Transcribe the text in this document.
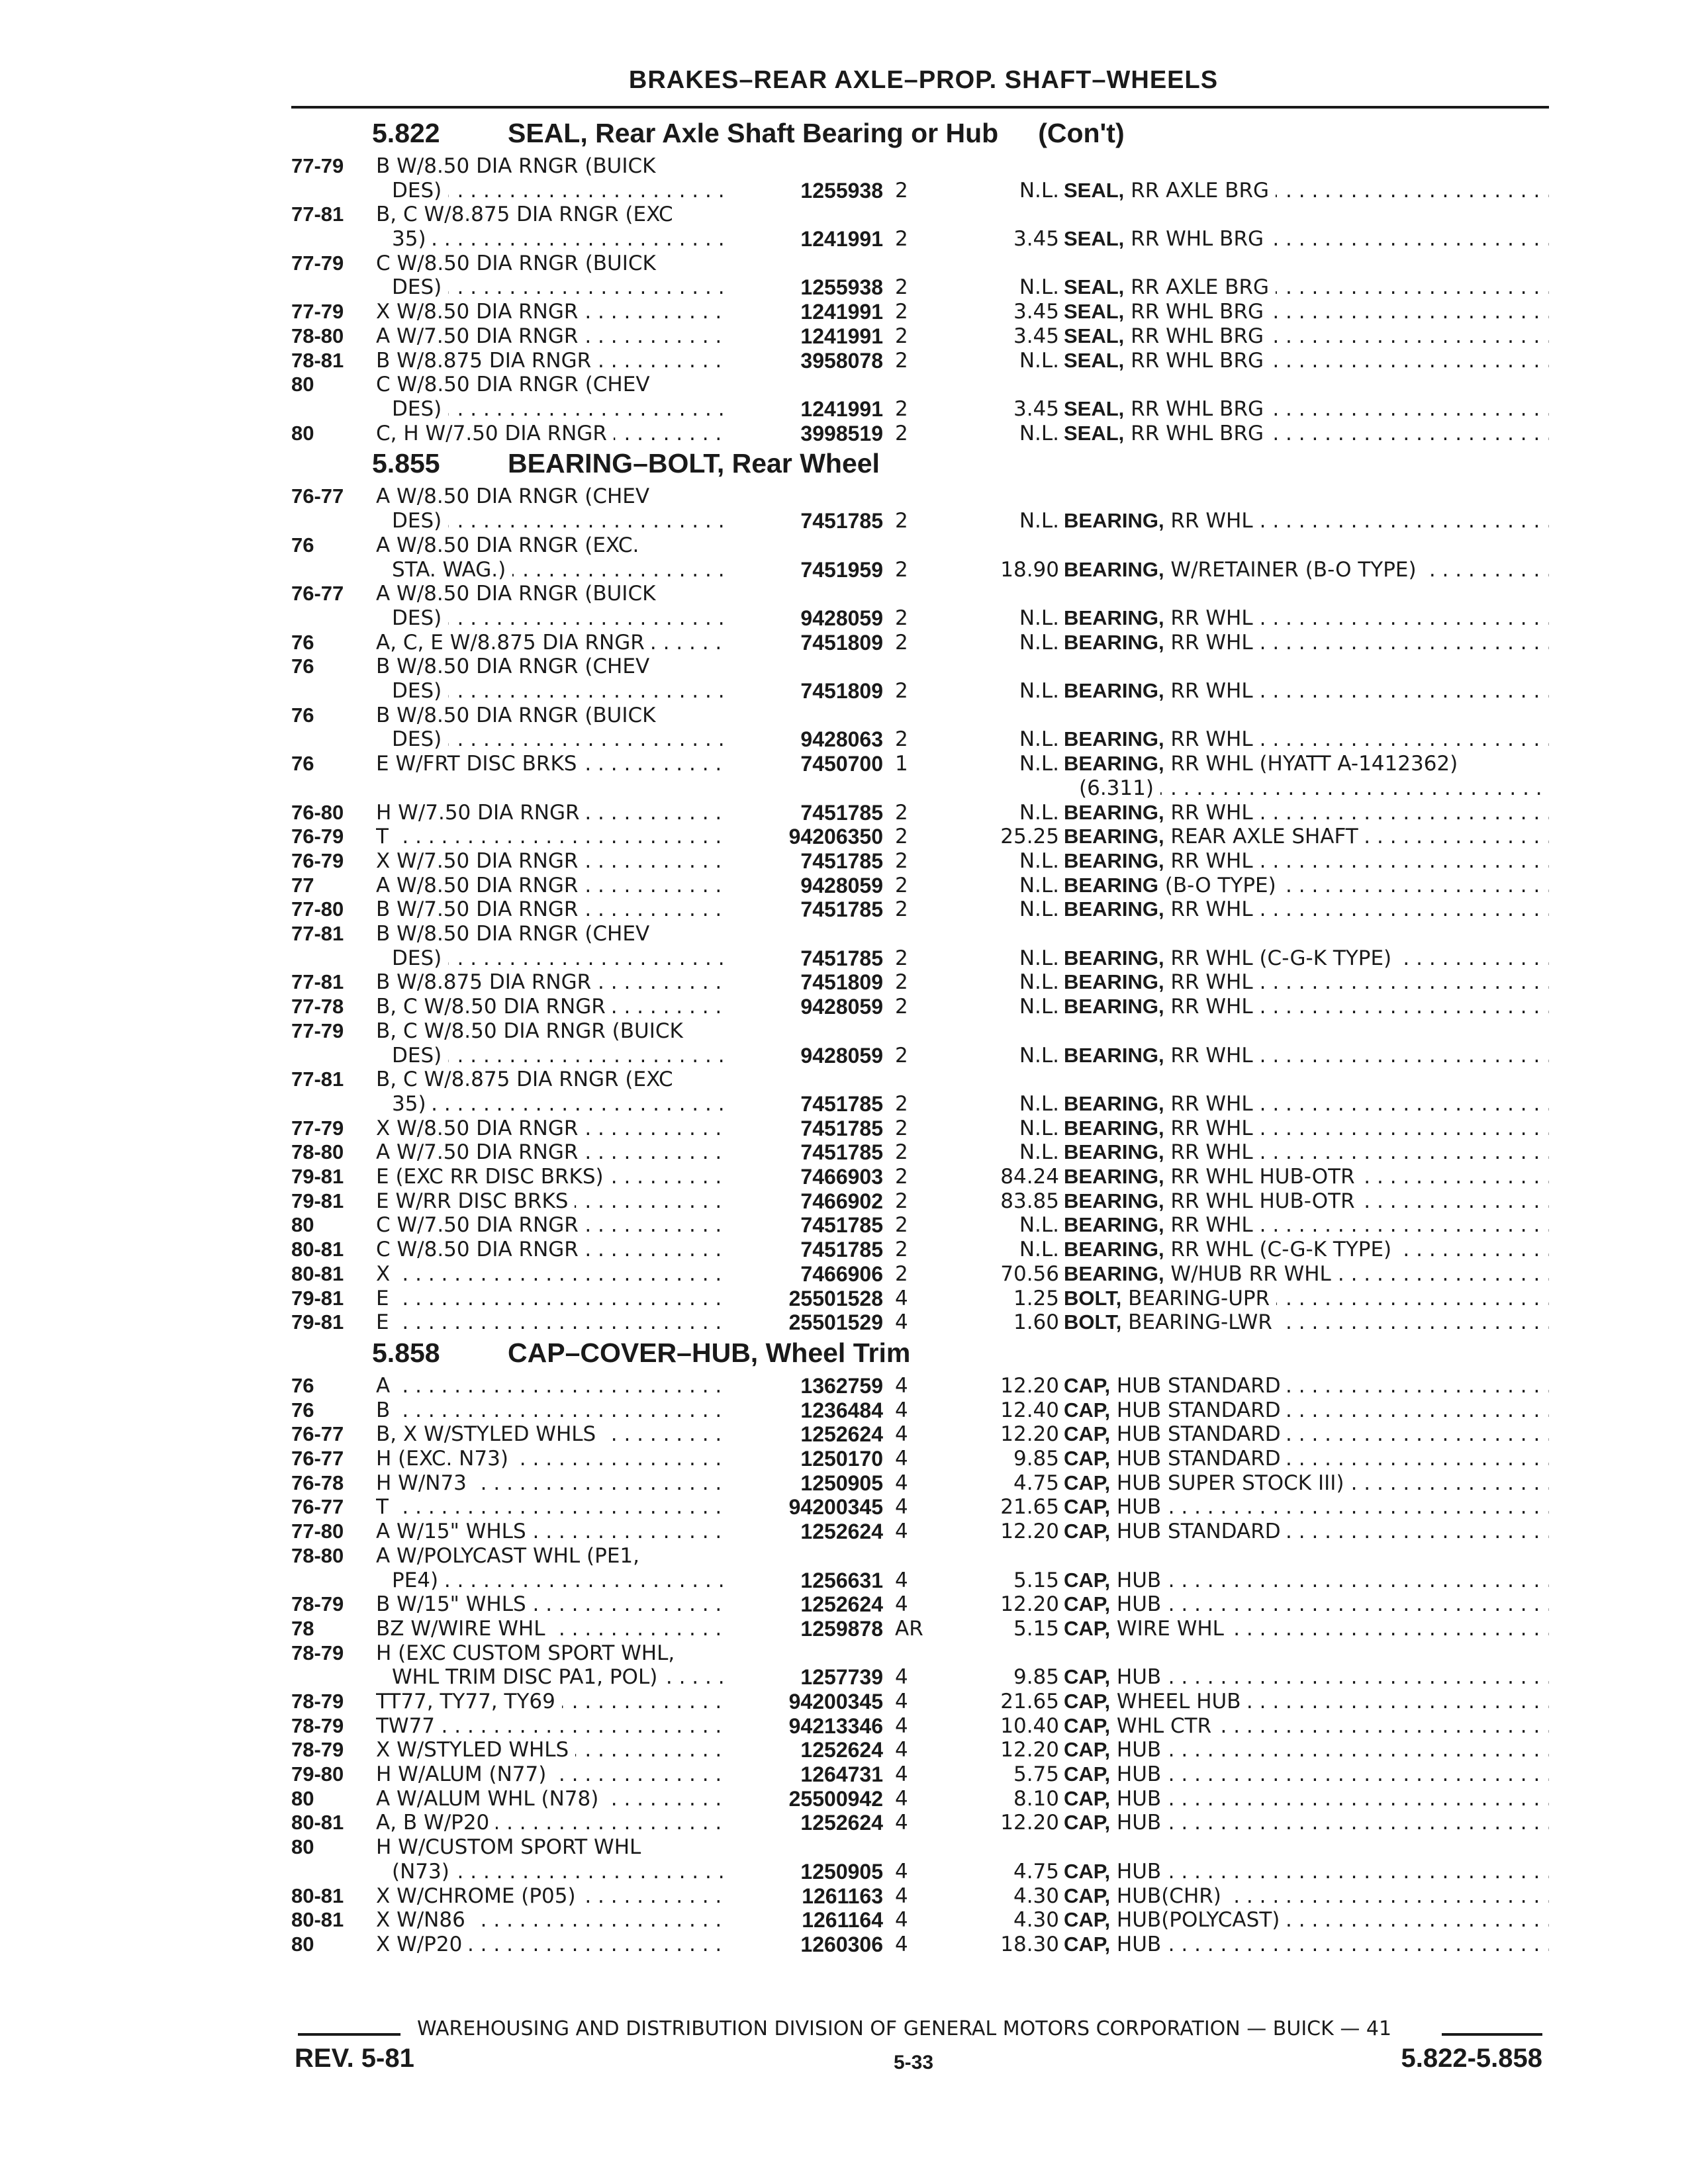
BRAKES–REAR AXLE–PROP. SHAFT–WHEELS
5.822 SEAL, Rear Axle Shaft Bearing or Hub (Con't)
77-79	B W/8.50 DIA RNGR (BUICK
DES) . . .	1255938 2	N.L. SEAL, RR AXLE BRG . . .
77-81	B, C W/8.875 DIA RNGR (EXC
35) . . .	1241991 2	3.45 SEAL, RR WHL BRG . . .
77-79	C W/8.50 DIA RNGR (BUICK
DES) . . .	1255938 2	N.L. SEAL, RR AXLE BRG . . .
77-79	X W/8.50 DIA RNGR . . .	1241991 2	3.45 SEAL, RR WHL BRG . . .
78-80	A W/7.50 DIA RNGR . . .	1241991 2	3.45 SEAL, RR WHL BRG . . .
78-81	B W/8.875 DIA RNGR . . .	3958078 2	N.L. SEAL, RR WHL BRG . . .
80	C W/8.50 DIA RNGR (CHEV
DES) . . .	1241991 2	3.45 SEAL, RR WHL BRG . . .
80	C, H W/7.50 DIA RNGR . . .	3998519 2	N.L. SEAL, RR WHL BRG . . .
5.855 BEARING–BOLT, Rear Wheel
76-77	A W/8.50 DIA RNGR (CHEV
DES) . . .	7451785 2	N.L. BEARING, RR WHL . . .
76	A W/8.50 DIA RNGR (EXC.
STA. WAG.) . . .	7451959 2	18.90 BEARING, W/RETAINER (B-O TYPE) . . .
76-77	A W/8.50 DIA RNGR (BUICK
DES) . . .	9428059 2	N.L. BEARING, RR WHL . . .
76	A, C, E W/8.875 DIA RNGR . . .	7451809 2	N.L. BEARING, RR WHL . . .
76	B W/8.50 DIA RNGR (CHEV
DES) . . .	7451809 2	N.L. BEARING, RR WHL . . .
76	B W/8.50 DIA RNGR (BUICK
DES) . . .	9428063 2	N.L. BEARING, RR WHL . . .
76	E W/FRT DISC BRKS . . .	7450700 1	N.L. BEARING, RR WHL (HYATT A-1412362)
(6.311) . . .
76-80	H W/7.50 DIA RNGR . . .	7451785 2	N.L. BEARING, RR WHL . . .
76-79	T . . .	94206350 2	25.25 BEARING, REAR AXLE SHAFT . . .
76-79	X W/7.50 DIA RNGR . . .	7451785 2	N.L. BEARING, RR WHL . . .
77	A W/8.50 DIA RNGR . . .	9428059 2	N.L. BEARING (B-O TYPE) . . .
77-80	B W/7.50 DIA RNGR . . .	7451785 2	N.L. BEARING, RR WHL . . .
77-81	B W/8.50 DIA RNGR (CHEV
DES) . . .	7451785 2	N.L. BEARING, RR WHL (C-G-K TYPE) . . .
77-81	B W/8.875 DIA RNGR . . .	7451809 2	N.L. BEARING, RR WHL . . .
77-78	B, C W/8.50 DIA RNGR . . .	9428059 2	N.L. BEARING, RR WHL . . .
77-79	B, C W/8.50 DIA RNGR (BUICK
DES) . . .	9428059 2	N.L. BEARING, RR WHL . . .
77-81	B, C W/8.875 DIA RNGR (EXC
35) . . .	7451785 2	N.L. BEARING, RR WHL . . .
77-79	X W/8.50 DIA RNGR . . .	7451785 2	N.L. BEARING, RR WHL . . .
78-80	A W/7.50 DIA RNGR . . .	7451785 2	N.L. BEARING, RR WHL . . .
79-81	E (EXC RR DISC BRKS) . . .	7466903 2	84.24 BEARING, RR WHL HUB-OTR . . .
79-81	E W/RR DISC BRKS . . .	7466902 2	83.85 BEARING, RR WHL HUB-OTR . . .
80	C W/7.50 DIA RNGR . . .	7451785 2	N.L. BEARING, RR WHL . . .
80-81	C W/8.50 DIA RNGR . . .	7451785 2	N.L. BEARING, RR WHL (C-G-K TYPE) . . .
80-81	X . . .	7466906 2	70.56 BEARING, W/HUB RR WHL . . .
79-81	E . . .	25501528 4	1.25 BOLT, BEARING-UPR . . .
79-81	E . . .	25501529 4	1.60 BOLT, BEARING-LWR . . .
5.858 CAP–COVER–HUB, Wheel Trim
76	A . . .	1362759 4	12.20 CAP, HUB STANDARD . . .
76	B . . .	1236484 4	12.40 CAP, HUB STANDARD . . .
76-77	B, X W/STYLED WHLS . . .	1252624 4	12.20 CAP, HUB STANDARD . . .
76-77	H (EXC. N73) . . .	1250170 4	9.85 CAP, HUB STANDARD . . .
76-78	H W/N73 . . .	1250905 4	4.75 CAP, HUB SUPER STOCK III) . . .
76-77	T . . .	94200345 4	21.65 CAP, HUB . . .
77-80	A W/15" WHLS . . .	1252624 4	12.20 CAP, HUB STANDARD . . .
78-80	A W/POLYCAST WHL (PE1,
PE4) . . .	1256631 4	5.15 CAP, HUB . . .
78-79	B W/15" WHLS . . .	1252624 4	12.20 CAP, HUB . . .
78	BZ W/WIRE WHL . . .	1259878 AR	5.15 CAP, WIRE WHL . . .
78-79	H (EXC CUSTOM SPORT WHL,
WHL TRIM DISC PA1, POL) . . .	1257739 4	9.85 CAP, HUB . . .
78-79	TT77, TY77, TY69 . . .	94200345 4	21.65 CAP, WHEEL HUB . . .
78-79	TW77 . . .	94213346 4	10.40 CAP, WHL CTR . . .
78-79	X W/STYLED WHLS . . .	1252624 4	12.20 CAP, HUB . . .
79-80	H W/ALUM (N77) . . .	1264731 4	5.75 CAP, HUB . . .
80	A W/ALUM WHL (N78) . . .	25500942 4	8.10 CAP, HUB . . .
80-81	A, B W/P20 . . .	1252624 4	12.20 CAP, HUB . . .
80	H W/CUSTOM SPORT WHL
(N73) . . .	1250905 4	4.75 CAP, HUB . . .
80-81	X W/CHROME (P05) . . .	1261163 4	4.30 CAP, HUB(CHR) . . .
80-81	X W/N86 . . .	1261164 4	4.30 CAP, HUB(POLYCAST) . . .
80	X W/P20 . . .	1260306 4	18.30 CAP, HUB . . .
WAREHOUSING AND DISTRIBUTION DIVISION OF GENERAL MOTORS CORPORATION — BUICK — 41
REV. 5-81	5-33	5.822-5.858
